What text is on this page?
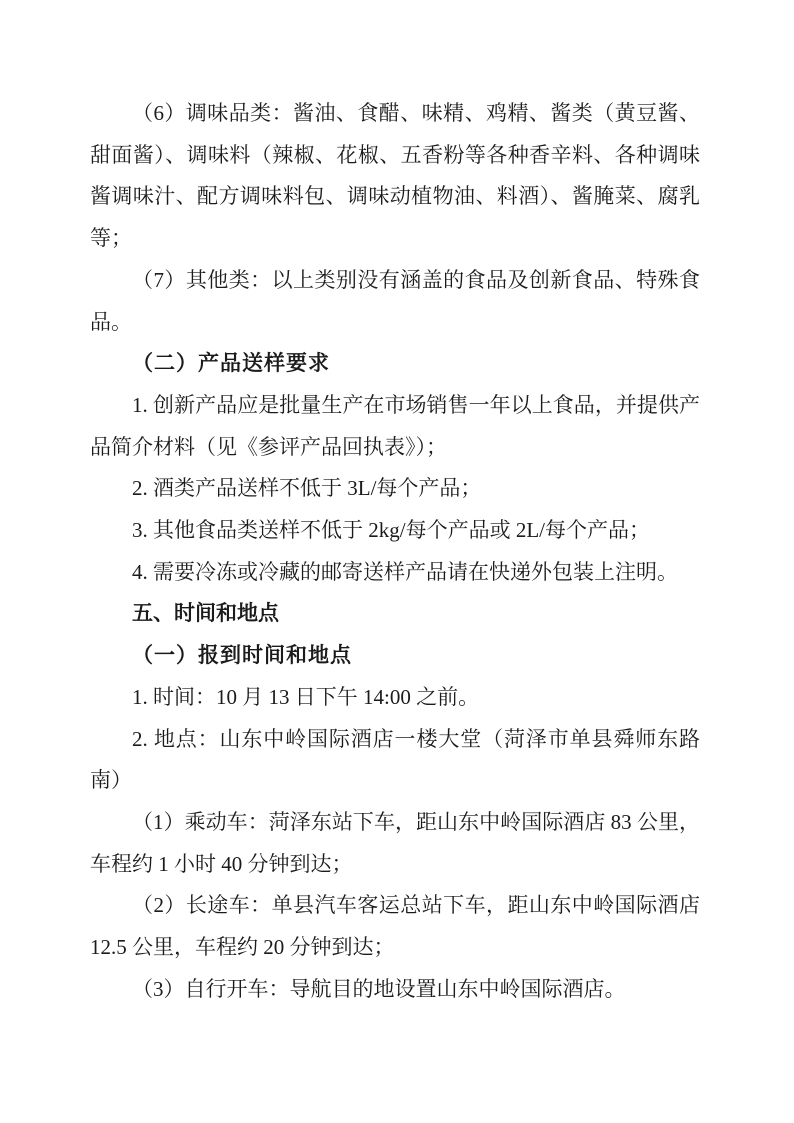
（6）调味品类：酱油、食醋、味精、鸡精、酱类（黄豆酱、甜面酱）、调味料（辣椒、花椒、五香粉等各种香辛料、各种调味酱调味汁、配方调味料包、调味动植物油、料酒）、酱腌菜、腐乳等；

（7）其他类：以上类别没有涵盖的食品及创新食品、特殊食品。

（二）产品送样要求

1. 创新产品应是批量生产在市场销售一年以上食品，并提供产品简介材料（见《参评产品回执表》）；

2. 酒类产品送样不低于 3L/每个产品；

3. 其他食品类送样不低于 2kg/每个产品或 2L/每个产品；

4. 需要冷冻或冷藏的邮寄送样产品请在快递外包装上注明。

五、时间和地点

（一）报到时间和地点

1. 时间：10 月 13 日下午 14:00 之前。

2. 地点：山东中岭国际酒店一楼大堂（菏泽市单县舜师东路南）

（1）乘动车：菏泽东站下车，距山东中岭国际酒店 83 公里，车程约 1 小时 40 分钟到达；

（2）长途车：单县汽车客运总站下车，距山东中岭国际酒店 12.5 公里，车程约 20 分钟到达；

（3）自行开车：导航目的地设置山东中岭国际酒店。
